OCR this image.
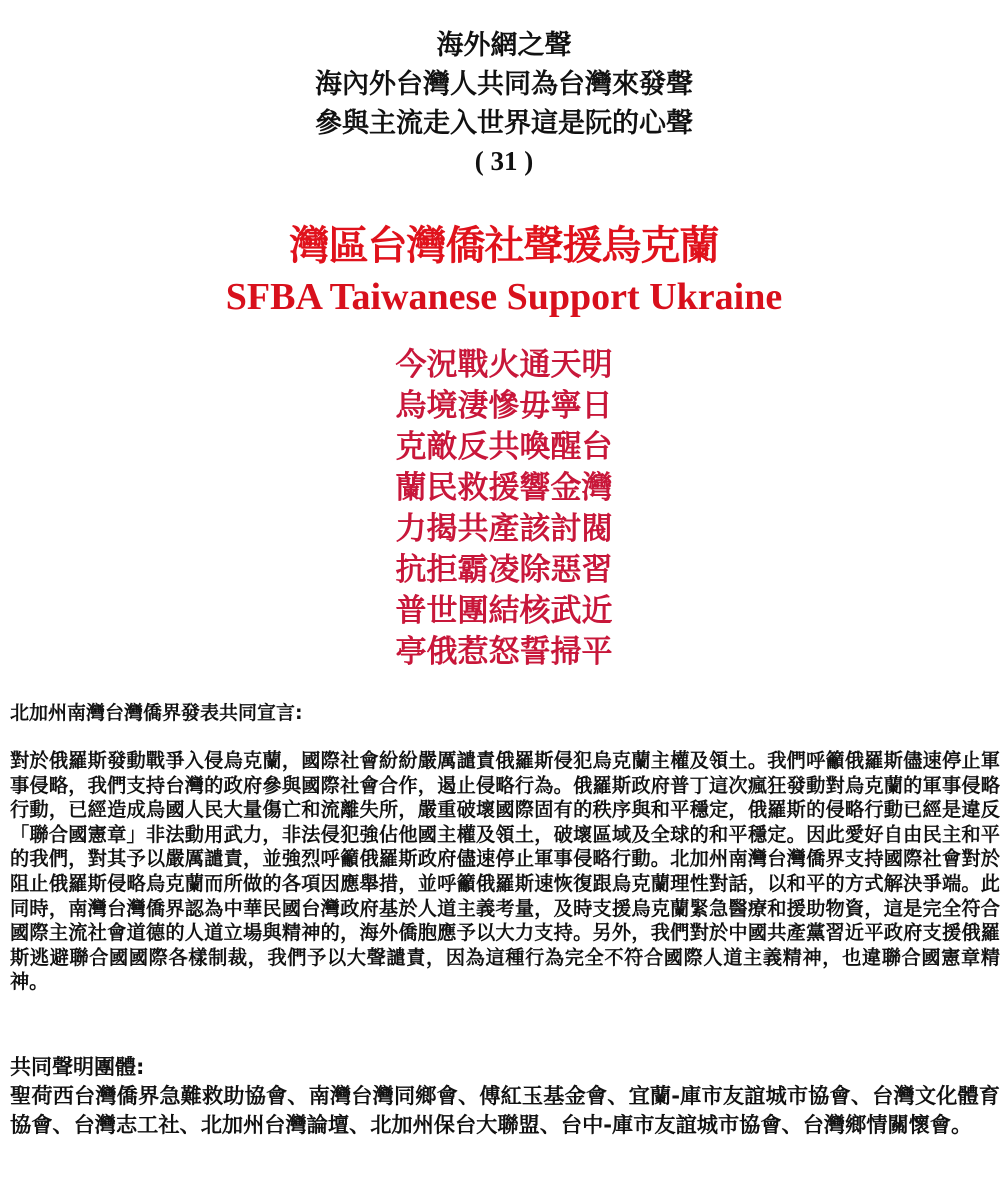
海外網之聲
海內外台灣人共同為台灣來發聲
參與主流走入世界這是阮的心聲
( 31 )
灣區台灣僑社聲援烏克蘭
SFBA Taiwanese Support Ukraine
今況戰火通天明
烏境淒慘毋寧日
克敵反共喚醒台
蘭民救援響金灣
力揭共產該討閥
抗拒霸凌除惡習
普世團結核武近
亭俄惹怒誓掃平
北加州南灣台灣僑界發表共同宣言:

對於俄羅斯發動戰爭入侵烏克蘭，國際社會紛紛嚴厲譴責俄羅斯侵犯烏克蘭主權及領土。我們呼籲俄羅斯儘速停止軍事侵略，我們支持台灣的政府參與國際社會合作，遏止侵略行為。俄羅斯政府普丁這次瘋狂發動對烏克蘭的軍事侵略行動，已經造成烏國人民大量傷亡和流離失所，嚴重破壞國際固有的秩序與和平穩定，俄羅斯的侵略行動已經是違反「聯合國憲章」非法動用武力，非法侵犯強佔他國主權及領土，破壞區域及全球的和平穩定。因此愛好自由民主和平的我們，對其予以嚴厲譴責，並強烈呼籲俄羅斯政府儘速停止軍事侵略行動。北加州南灣台灣僑界支持國際社會對於阻止俄羅斯侵略烏克蘭而所做的各項因應舉措，並呼籲俄羅斯速恢復跟烏克蘭理性對話，以和平的方式解決爭端。此同時，南灣台灣僑界認為中華民國台灣政府基於人道主義考量，及時支援烏克蘭緊急醫療和援助物資，這是完全符合國際主流社會道德的人道立場與精神的，海外僑胞應予以大力支持。另外，我們對於中國共產黨習近平政府支援俄羅斯逃避聯合國國際各樣制裁，我們予以大聲譴責，因為這種行為完全不符合國際人道主義精神，也違聯合國憲章精神。

共同聲明團體:

聖荷西台灣僑界急難救助協會、南灣台灣同鄉會、傅紅玉基金會、宜蘭-庫市友誼城市協會、台灣文化體育協會、台灣志工社、北加州台灣論壇、北加州保台大聯盟、台中-庫市友誼城市協會、台灣鄉情關懷會。
